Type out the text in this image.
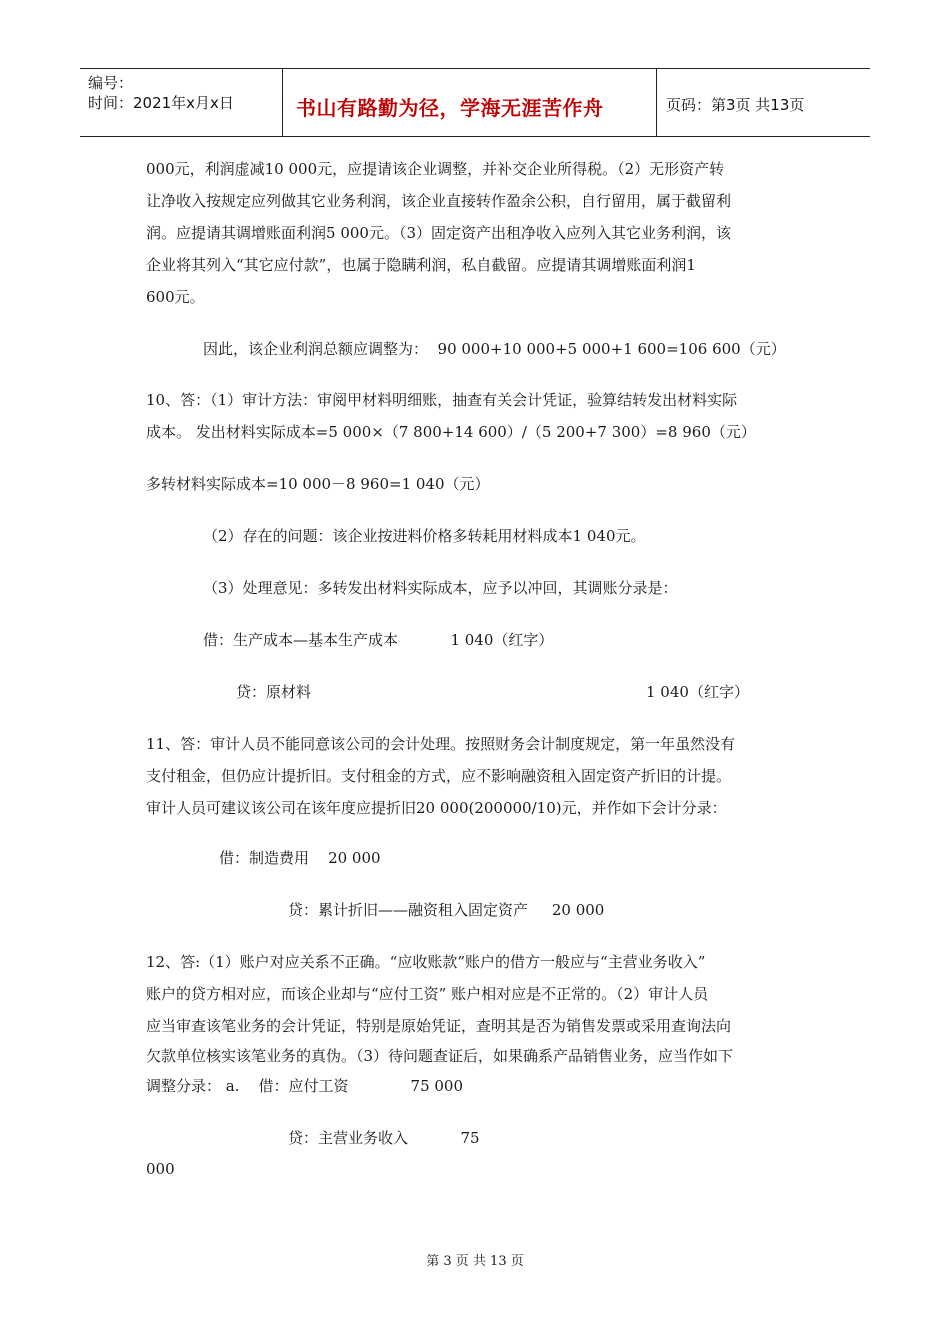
编号：
时间：2021年x月x日	书山有路勤为径，学海无涯苦作舟	页码：第3页 共13页
000元，利润虚减10 000元，应提请该企业调整，并补交企业所得税。（2）无形资产转
让净收入按规定应列做其它业务利润，该企业直接转作盈余公积，自行留用，属于截留利
润。应提请其调增账面利润5 000元。（3）固定资产出租净收入应列入其它业务利润，该
企业将其列入“其它应付款”，也属于隐瞒利润，私自截留。应提请其调增账面利润1
600元。
因此，该企业利润总额应调整为：  90 000+10 000+5 000+1 600=106 600（元）
10、答：（1）审计方法：审阅甲材料明细账，抽查有关会计凭证，验算结转发出材料实际
成本。 发出材料实际成本=5 000×（7 800+14 600）/（5 200+7 300）=8 960（元）
多转材料实际成本=10 000－8 960=1 040（元）
（2）存在的问题：该企业按进料价格多转耗用材料成本1 040元。
（3）处理意见：多转发出材料实际成本，应予以冲回，其调账分录是：
借：生产成本—基本生产成本           1 040（红字）
贷：原材料	1 040（红字）
11、答：审计人员不能同意该公司的会计处理。按照财务会计制度规定，第一年虽然没有
支付租金，但仍应计提折旧。支付租金的方式，应不影响融资租入固定资产折旧的计提。
审计人员可建议该公司在该年度应提折旧20 000(200000/10)元，并作如下会计分录：
借：制造费用    20 000
贷：累计折旧——融资租入固定资产     20 000
12、答:（1）账户对应关系不正确。“应收账款”账户的借方一般应与“主营业务收入”
账户的贷方相对应，而该企业却与“应付工资” 账户相对应是不正常的。（2）审计人员
应当审查该笔业务的会计凭证，特别是原始凭证，查明其是否为销售发票或采用查询法向
欠款单位核实该笔业务的真伪。（3）待问题查证后，如果确系产品销售业务，应当作如下
调整分录： a.    借：应付工资             75 000
贷：主营业务收入           75
000
第 3 页 共 13 页
